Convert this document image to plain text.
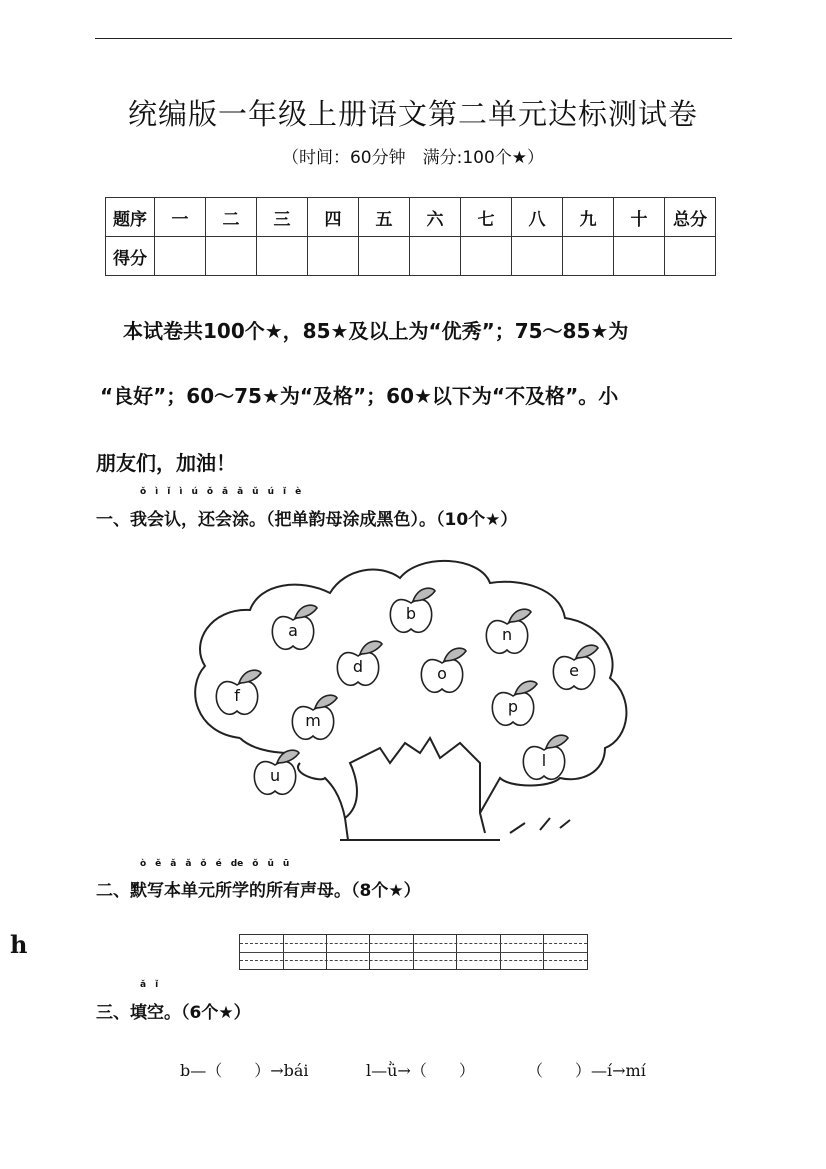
统编版一年级上册语文第二单元达标测试卷
（时间：60分钟　满分:100个★）
题序	一	二	三	四	五	六	七	八	九	十	总分
得分											
　本试卷共100个★，85★及以上为“优秀”；75～85★为
“良好”；60～75★为“及格”；60★以下为“不及格”。小
朋友们，加油！
ǒ　ì　ǐ　ì　ú　ǒ　ǎ　ǎ　ǔ　ú　ǐ　è
一、我会认，还会涂。（把单韵母涂成黑色）。（10个★）
a
b
n
d	o	e
f
m
p
u
l
ò　ě　ǎ　ǎ　ǒ　é　de　ǒ　ǔ　ū
二、默写本单元所学的所有声母。（8个★）
h
ǎ　ǐ
三、填空。（6个★）
b—（　　）→bái	l—ǜ→（　　）	（　　）—í→mí
